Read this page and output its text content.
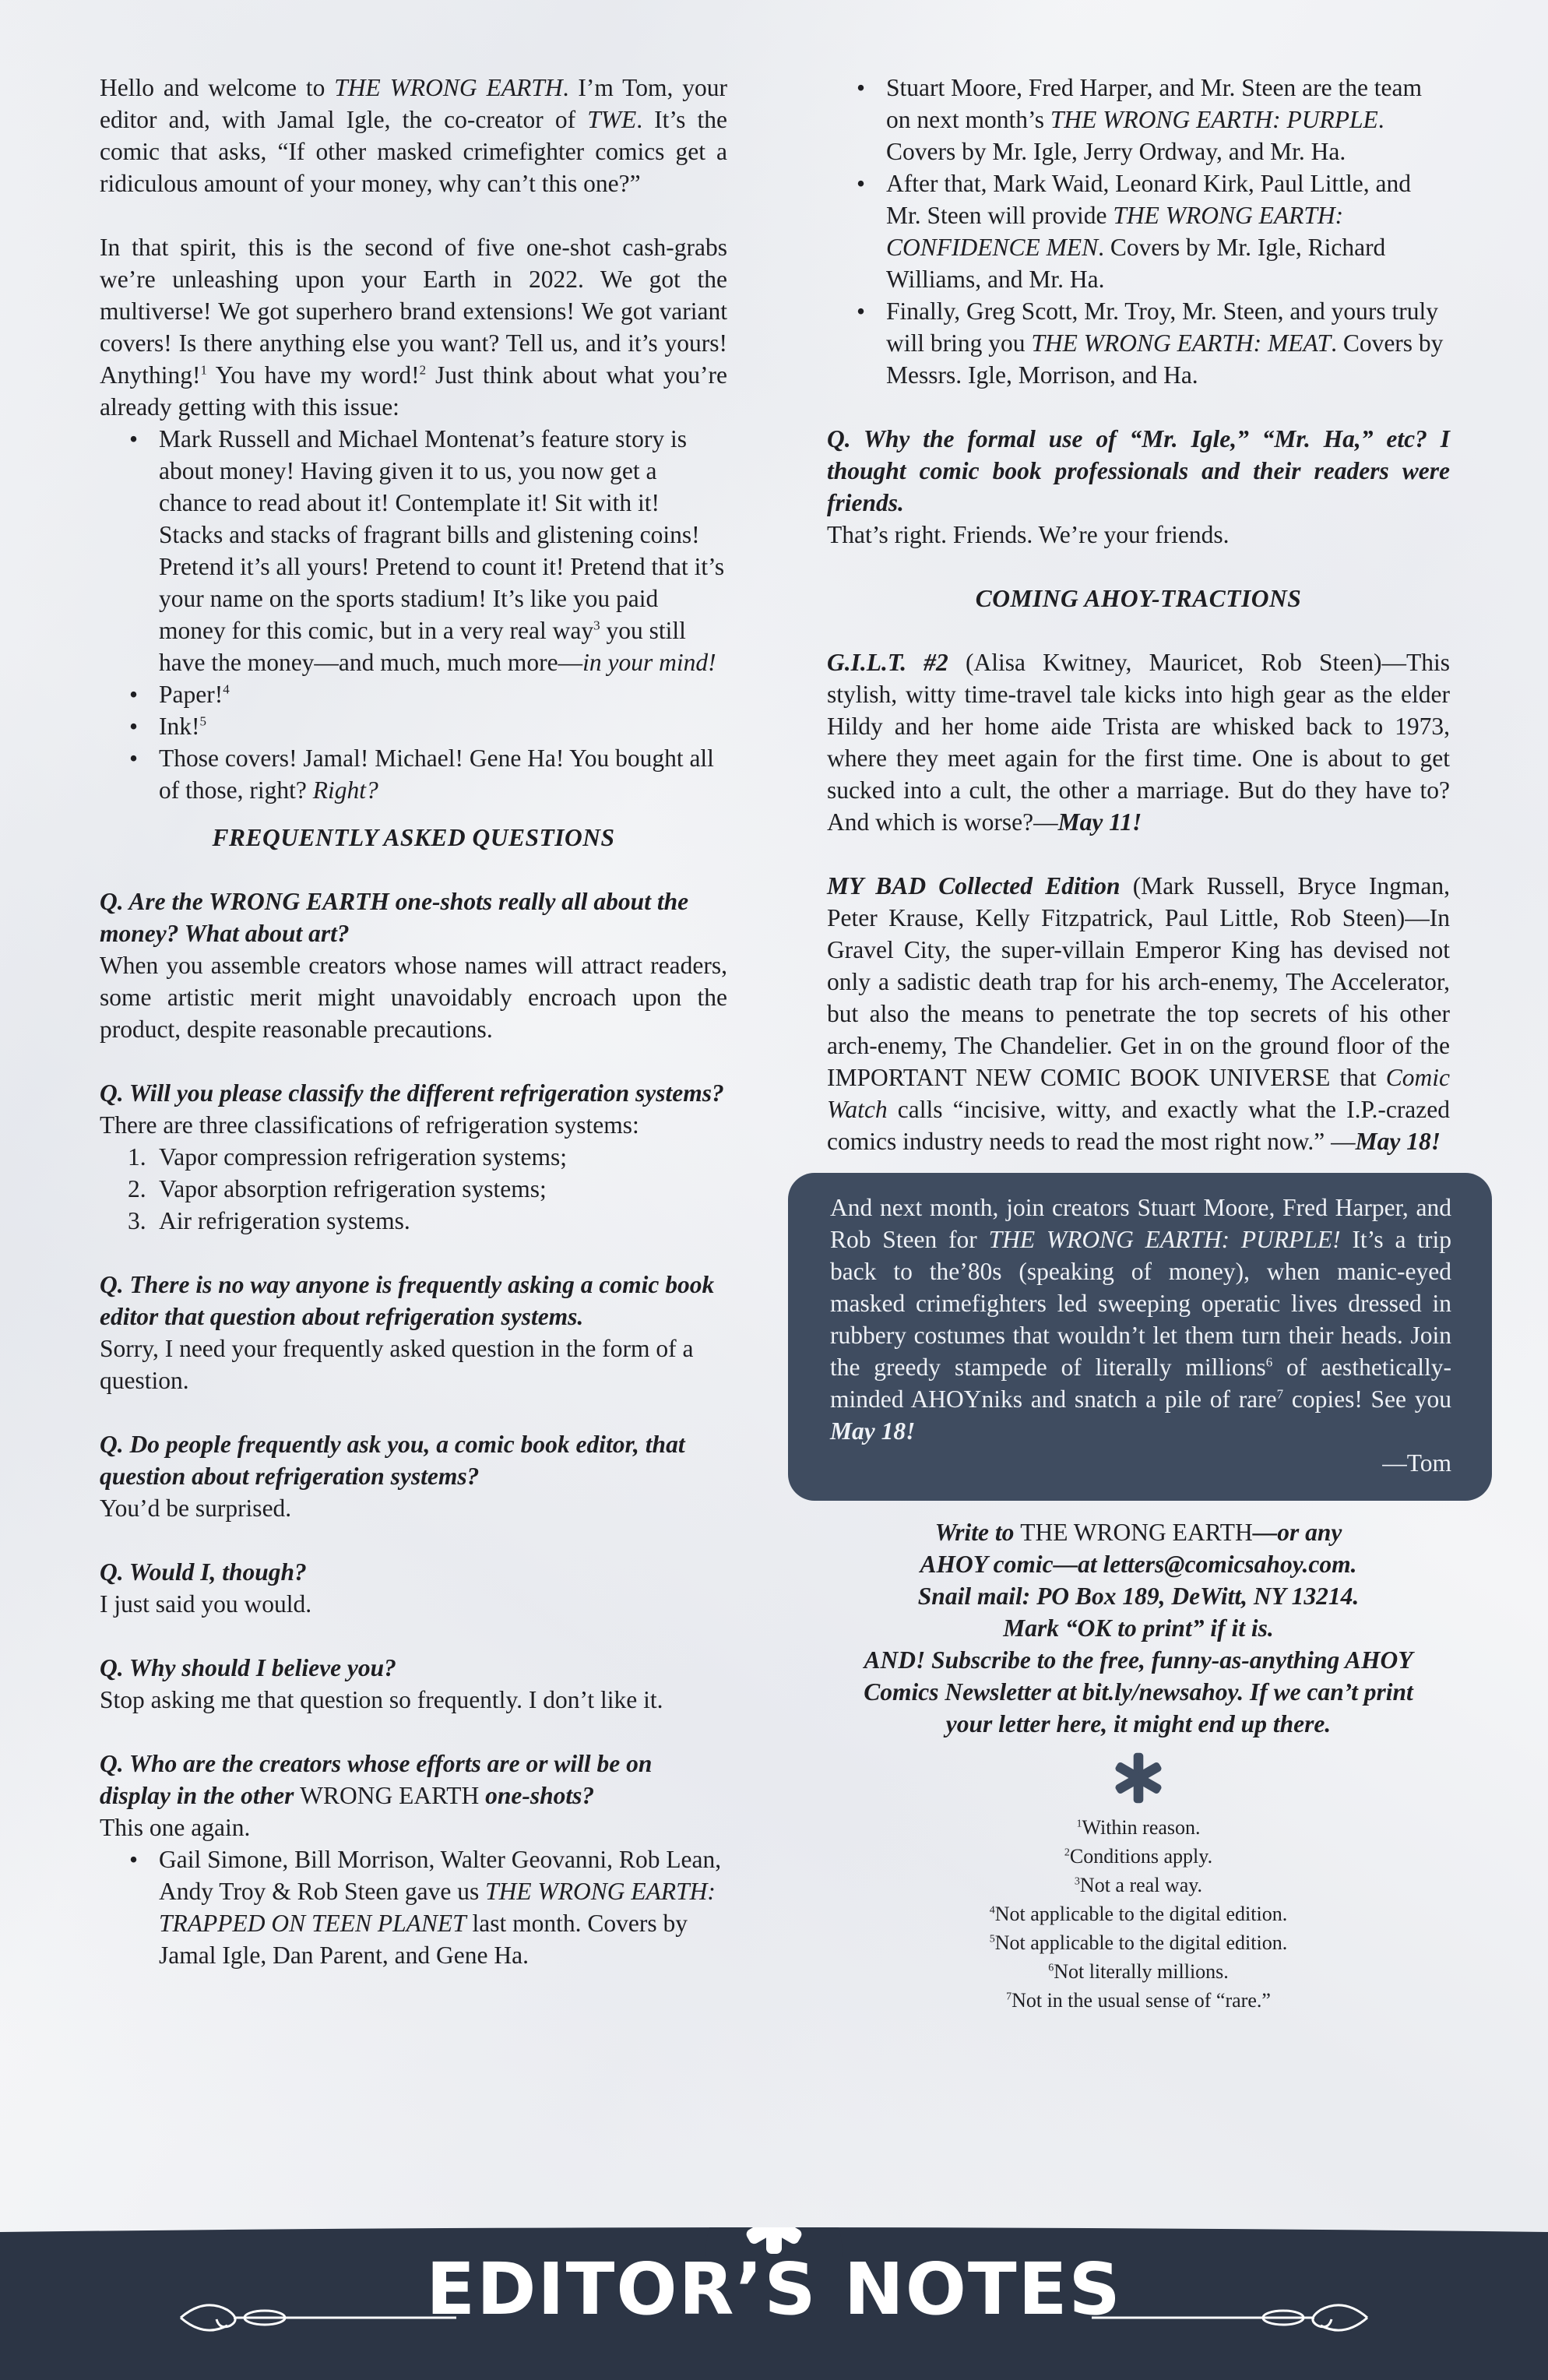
Hello and welcome to THE WRONG EARTH. I’m Tom, your editor and, with Jamal Igle, the co-creator of TWE. It’s the comic that asks, “If other masked crimefighter comics get a ridiculous amount of your money, why can’t this one?”

In that spirit, this is the second of five one-shot cash-grabs we’re unleashing upon your Earth in 2022. We got the multiverse! We got superhero brand extensions! We got variant covers! Is there anything else you want? Tell us, and it’s yours! Anything!$^1$ You have my word!$^2$ Just think about what you’re already getting with this issue:

• Mark Russell and Michael Montenat’s feature story is about money! Having given it to us, you now get a chance to read about it! Contemplate it! Sit with it! Stacks and stacks of fragrant bills and glistening coins! Pretend it’s all yours! Pretend to count it! Pretend that it’s your name on the sports stadium! It’s like you paid money for this comic, but in a very real way$^3$ you still have the money—and much, much more—in your mind!
• Paper!$^4$
• Ink!$^5$
• Those covers! Jamal! Michael! Gene Ha! You bought all of those, right? Right?

FREQUENTLY ASKED QUESTIONS

Q. Are the WRONG EARTH one-shots really all about the money? What about art?

When you assemble creators whose names will attract readers, some artistic merit might unavoidably encroach upon the product, despite reasonable precautions.

Q. Will you please classify the different refrigeration systems?

There are three classifications of refrigeration systems:

1. Vapor compression refrigeration systems;
2. Vapor absorption refrigeration systems;
3. Air refrigeration systems.

Q. There is no way anyone is frequently asking a comic book editor that question about refrigeration systems.

Sorry, I need your frequently asked question in the form of a question.

Q. Do people frequently ask you, a comic book editor, that question about refrigeration systems?

You’d be surprised.

Q. Would I, though?

I just said you would.

Q. Why should I believe you?

Stop asking me that question so frequently. I don’t like it.

Q. Who are the creators whose efforts are or will be on display in the other WRONG EARTH one-shots?

This one again.

• Gail Simone, Bill Morrison, Walter Geovanni, Rob Lean, Andy Troy & Rob Steen gave us THE WRONG EARTH: TRAPPED ON TEEN PLANET last month. Covers by Jamal Igle, Dan Parent, and Gene Ha.
• Stuart Moore, Fred Harper, and Mr. Steen are the team on next month’s THE WRONG EARTH: PURPLE. Covers by Mr. Igle, Jerry Ordway, and Mr. Ha.
• After that, Mark Waid, Leonard Kirk, Paul Little, and Mr. Steen will provide THE WRONG EARTH: CONFIDENCE MEN. Covers by Mr. Igle, Richard Williams, and Mr. Ha.
• Finally, Greg Scott, Mr. Troy, Mr. Steen, and yours truly will bring you THE WRONG EARTH: MEAT. Covers by Messrs. Igle, Morrison, and Ha.

Q. Why the formal use of “Mr. Igle,” “Mr. Ha,” etc? I thought comic book professionals and their readers were friends.

That’s right. Friends. We’re your friends.

COMING AHOY-TRACTIONS

G.I.L.T. #2 (Alisa Kwitney, Mauricet, Rob Steen)—This stylish, witty time-travel tale kicks into high gear as the elder Hildy and her home aide Trista are whisked back to 1973, where they meet again for the first time. One is about to get sucked into a cult, the other a marriage. But do they have to? And which is worse?—May 11!

MY BAD Collected Edition (Mark Russell, Bryce Ingman, Peter Krause, Kelly Fitzpatrick, Paul Little, Rob Steen)—In Gravel City, the super-villain Emperor King has devised not only a sadistic death trap for his arch-enemy, The Accelerator, but also the means to penetrate the top secrets of his other arch-enemy, The Chandelier. Get in on the ground floor of the IMPORTANT NEW COMIC BOOK UNIVERSE that Comic Watch calls “incisive, witty, and exactly what the I.P.-crazed comics industry needs to read the most right now.” —May 18!

And next month, join creators Stuart Moore, Fred Harper, and Rob Steen for THE WRONG EARTH: PURPLE! It’s a trip back to the’80s (speaking of money), when manic-eyed masked crimefighters led sweeping operatic lives dressed in rubbery costumes that wouldn’t let them turn their heads. Join the greedy stampede of literally millions$^6$ of aesthetically-minded AHOYniks and snatch a pile of rare$^7$ copies! See you May 18!

—Tom

Write to THE WRONG EARTH—or any

AHOY comic—at letters@comicsahoy.com.

Snail mail: PO Box 189, DeWitt, NY 13214.

Mark “OK to print” if it is.

AND! Subscribe to the free, funny-as-anything AHOY

Comics Newsletter at bit.ly/newsahoy. If we can’t print

your letter here, it might end up there.

$^1$Within reason.

$^2$Conditions apply.

$^3$Not a real way.

$^4$Not applicable to the digital edition.

$^5$Not applicable to the digital edition.

$^6$Not literally millions.

$^7$Not in the usual sense of “rare.”

EDITOR’S NOTES
